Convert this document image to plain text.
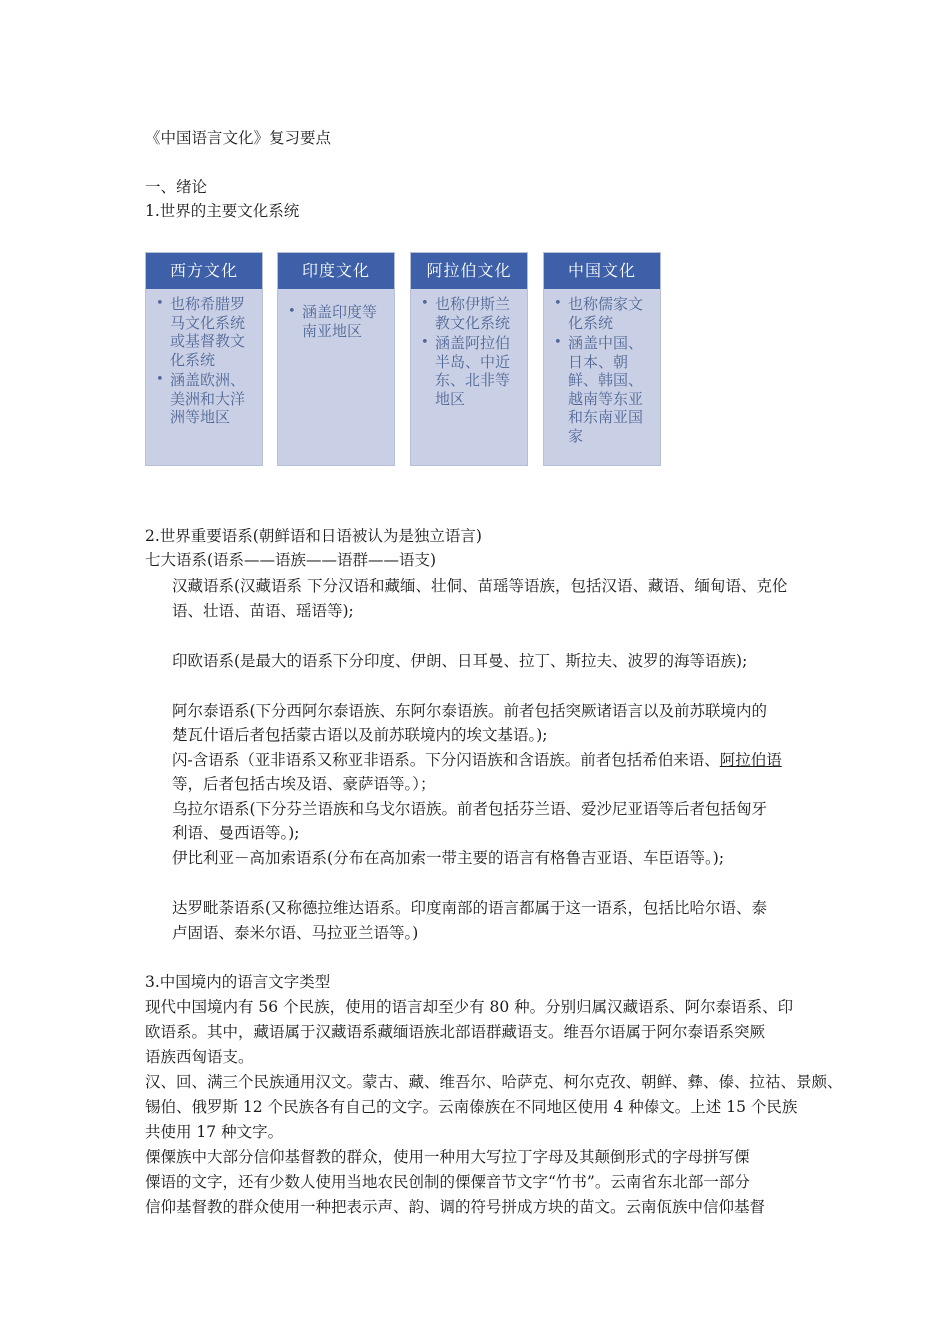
《中国语言文化》复习要点
一、绪论
1.世界的主要文化系统
西方文化
• 也称希腊罗马文化系统或基督教文化系统
• 涵盖欧洲、美洲和大洋洲等地区
印度文化
• 涵盖印度等南亚地区
阿拉伯文化
• 也称伊斯兰教文化系统
• 涵盖阿拉伯半岛、中近东、北非等地区
中国文化
• 也称儒家文化系统
• 涵盖中国、日本、朝鲜、韩国、越南等东亚和东南亚国家
2.世界重要语系(朝鲜语和日语被认为是独立语言)
七大语系(语系——语族——语群——语支)
汉藏语系(汉藏语系 下分汉语和藏缅、壮侗、苗瑶等语族，包括汉语、藏语、缅甸语、克伦
语、壮语、苗语、瑶语等);
印欧语系(是最大的语系下分印度、伊朗、日耳曼、拉丁、斯拉夫、波罗的海等语族);
阿尔泰语系(下分西阿尔泰语族、东阿尔泰语族。前者包括突厥诸语言以及前苏联境内的
楚瓦什语后者包括蒙古语以及前苏联境内的埃文基语。);
闪-含语系（亚非语系又称亚非语系。下分闪语族和含语族。前者包括希伯来语、阿拉伯语
等，后者包括古埃及语、豪萨语等。）；
乌拉尔语系(下分芬兰语族和乌戈尔语族。前者包括芬兰语、爱沙尼亚语等后者包括匈牙
利语、曼西语等。);
伊比利亚－高加索语系(分布在高加索一带主要的语言有格鲁吉亚语、车臣语等。);
达罗毗荼语系(又称德拉维达语系。印度南部的语言都属于这一语系，包括比哈尔语、泰
卢固语、泰米尔语、马拉亚兰语等。)
3.中国境内的语言文字类型
现代中国境内有 56 个民族，使用的语言却至少有 80 种。分别归属汉藏语系、阿尔泰语系、印
欧语系。其中，藏语属于汉藏语系藏缅语族北部语群藏语支。维吾尔语属于阿尔泰语系突厥
语族西匈语支。
汉、回、满三个民族通用汉文。蒙古、藏、维吾尔、哈萨克、柯尔克孜、朝鲜、彝、傣、拉祜、景颇、
锡伯、俄罗斯 12 个民族各有自己的文字。云南傣族在不同地区使用 4 种傣文。上述 15 个民族
共使用 17 种文字。
傈僳族中大部分信仰基督教的群众，使用一种用大写拉丁字母及其颠倒形式的字母拼写傈
僳语的文字，还有少数人使用当地农民创制的傈僳音节文字“竹书”。云南省东北部一部分
信仰基督教的群众使用一种把表示声、韵、调的符号拼成方块的苗文。云南佤族中信仰基督
